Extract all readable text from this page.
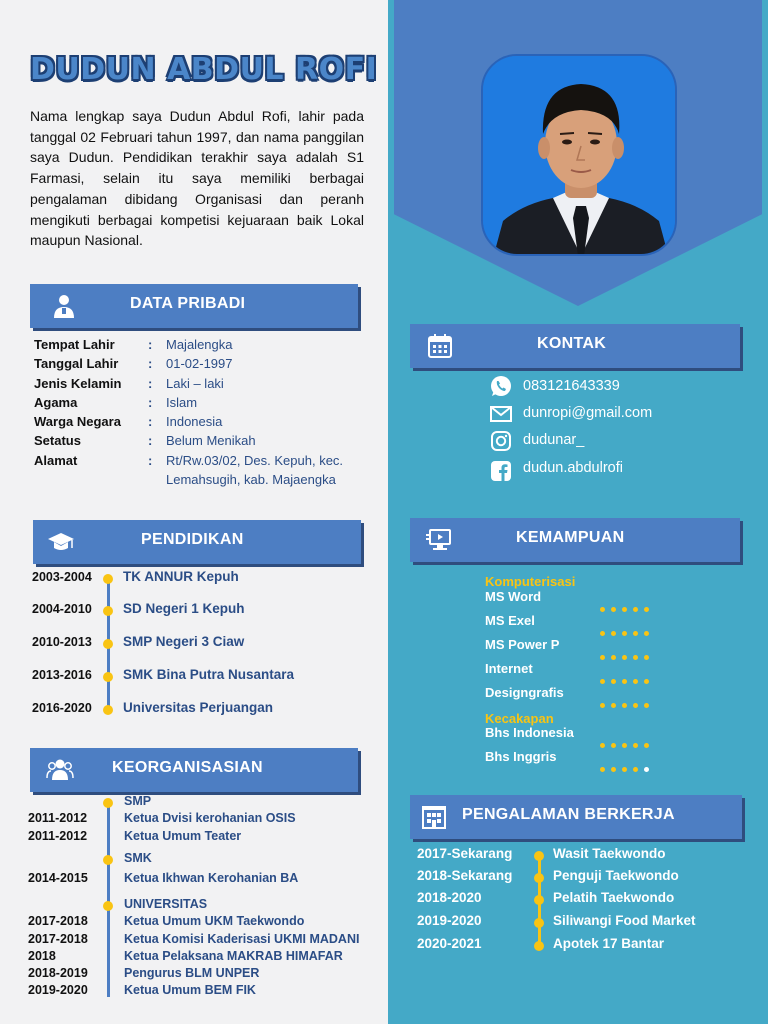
DUDUN ABDUL ROFI
Nama lengkap saya Dudun Abdul Rofi, lahir pada tanggal 02 Februari tahun 1997, dan nama panggilan saya Dudun. Pendidikan terakhir saya adalah S1 Farmasi, selain itu saya memiliki berbagai pengalaman dibidang Organisasi dan peranh mengikuti berbagai kompetisi kejuaraan baik Lokal maupun Nasional.
DATA PRIBADI
Tempat Lahir	:	Majalengka
Tanggal Lahir	:	01-02-1997
Jenis Kelamin	:	Laki – laki
Agama	:	Islam
Warga Negara	:	Indonesia
Setatus	:	Belum Menikah
Alamat	:	Rt/Rw.03/02, Des. Kepuh, kec. Lemahsugih, kab. Majaengka
PENDIDIKAN
2003-2004 TK ANNUR Kepuh
2004-2010 SD Negeri 1 Kepuh
2010-2013 SMP Negeri 3 Ciaw
2013-2016 SMK Bina Putra Nusantara
2016-2020 Universitas Perjuangan
KEORGANISASIAN
SMP
SMK
UNIVERSITAS
2011-2012	Ketua Dvisi kerohanian OSIS
2011-2012	Ketua Umum Teater
2014-2015	Ketua Ikhwan Kerohanian BA
2017-2018	Ketua Umum UKM Taekwondo
2017-2018	Ketua Komisi Kaderisasi UKMI MADANI
2018	Ketua Pelaksana MAKRAB HIMAFAR
2018-2019	Pengurus BLM UNPER
2019-2020	Ketua Umum BEM FIK
KONTAK
083121643339
dunropi@gmail.com
dudunar_
dudun.abdulrofi
KEMAMPUAN
Komputerisasi
MS Word
MS Exel
MS Power P
Internet
Designgrafis
Bhs Indonesia
Bhs Inggris
Kecakapan
PENGALAMAN BERKERJA
2017-Sekarang	Wasit Taekwondo
2018-Sekarang	Penguji Taekwondo
2018-2020	Pelatih Taekwondo
2019-2020	Siliwangi Food Market
2020-2021	Apotek 17 Bantar
